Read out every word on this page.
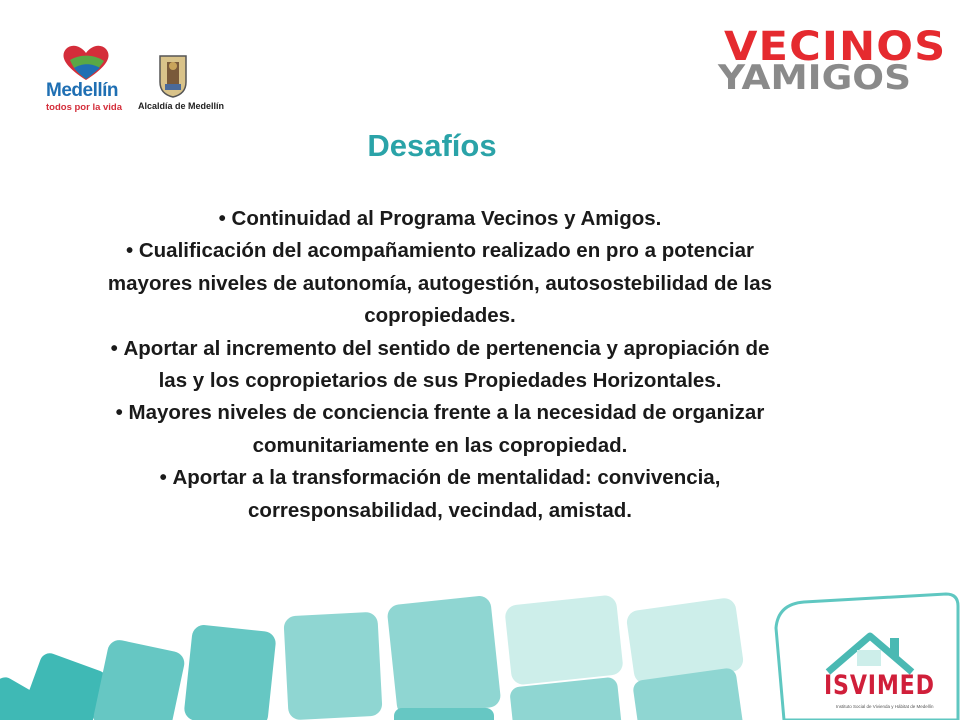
Medellín
todos por la vida Alcaldía de Medellín
VECINOS
YAMIGOS
Desafíos
• Continuidad al Programa Vecinos y Amigos.
• Cualificación del acompañamiento realizado en pro a potenciar mayores niveles de autonomía, autogestión, autosostebilidad de las copropiedades.
• Aportar al incremento del sentido de pertenencia y apropiación de las y los copropietarios de sus Propiedades Horizontales.
• Mayores niveles de conciencia frente a la necesidad de organizar comunitariamente en las copropiedad.
• Aportar a la transformación de mentalidad: convivencia, corresponsabilidad, vecindad, amistad.
ISVIMED
Instituto Social de Vivienda y Hábitat de Medellín
